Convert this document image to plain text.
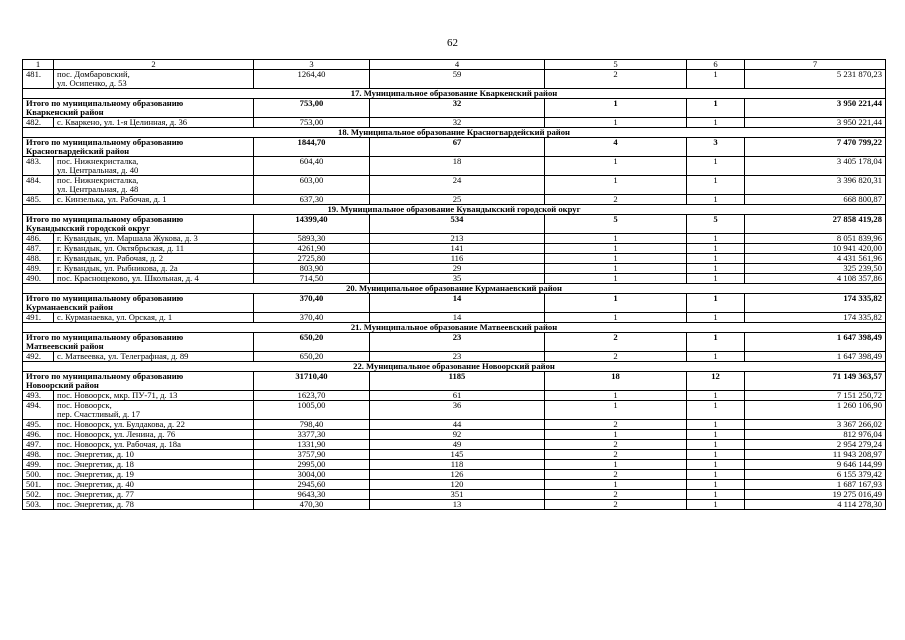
62
1	2	3	4	5	6	7
481.	пос. Домбаровский,
ул. Осипенко, д. 53	1264,40	59	2	1	5 231 870,23
17. Муниципальное образование Кваркенский район						
Итого по муниципальному образованию
Кваркенский район		753,00	32	1	1	3 950 221,44
482.	с. Кваркено, ул. 1-я Целинная, д. 36	753,00	32	1	1	3 950 221,44
18. Муниципальное образование Красногвардейский район						
Итого по муниципальному образованию
Красногвардейский район		1844,70	67	4	3	7 470 799,22
483.	пос. Нижнекристалка,
ул. Центральная, д. 40	604,40	18	1	1	3 405 178,04
484.	пос. Нижнекристалка,
ул. Центральная, д. 48	603,00	24	1	1	3 396 820,31
485.	с. Кинзелька, ул. Рабочая, д. 1	637,30	25	2	1	668 800,87
19. Муниципальное образование Кувандыкский городской округ						
Итого по муниципальному образованию
Кувандыкский городской округ		14399,40	534	5	5	27 858 419,28
486.	г. Кувандык, ул. Маршала Жукова, д. 3	5893,30	213	1	1	8 051 839,96
487.	г. Кувандык, ул. Октябрьская, д. 11	4261,90	141	1	1	10 941 420,00
488.	г. Кувандык, ул. Рабочая, д. 2	2725,80	116	1	1	4 431 561,96
489.	г. Кувандык, ул. Рыбникова, д. 2а	803,90	29	1	1	325 239,50
490.	пос. Краснощеково, ул. Школьная, д. 4	714,50	35	1	1	4 108 357,86
20. Муниципальное образование Курманаевский район						
Итого по муниципальному образованию
Курманаевский район		370,40	14	1	1	174 335,82
491.	с. Курманаевка, ул. Орская, д. 1	370,40	14	1	1	174 335,82
21. Муниципальное образование Матвеевский район						
Итого по муниципальному образованию
Матвеевский район		650,20	23	2	1	1 647 398,49
492.	с. Матвеевка, ул. Телеграфная, д. 89	650,20	23	2	1	1 647 398,49
22. Муниципальное образование Новоорский район						
Итого по муниципальному образованию
Новоорский район		31710,40	1185	18	12	71 149 363,57
493.	пос. Новоорск, мкр. ПУ-71, д. 13	1623,70	61	1	1	7 151 250,72
494.	пос. Новоорск,
пер. Счастливый, д. 17	1005,00	36	1	1	1 260 106,90
495.	пос. Новоорск, ул. Булдакова, д. 22	798,40	44	2	1	3 367 266,02
496.	пос. Новоорск, ул. Ленина, д. 76	3377,30	92	1	1	812 976,04
497.	пос. Новоорск, ул. Рабочая, д. 18а	1331,90	49	2	1	2 954 279,24
498.	пос. Энергетик, д. 10	3757,90	145	2	1	11 943 208,97
499.	пос. Энергетик, д. 18	2995,00	118	1	1	9 646 144,99
500.	пос. Энергетик, д. 19	3004,00	126	2	1	6 155 379,42
501.	пос. Энергетик, д. 40	2945,60	120	1	1	1 687 167,93
502.	пос. Энергетик, д. 77	9643,30	351	2	1	19 275 016,49
503.	пос. Энергетик, д. 78	470,30	13	2	1	4 114 278,30
